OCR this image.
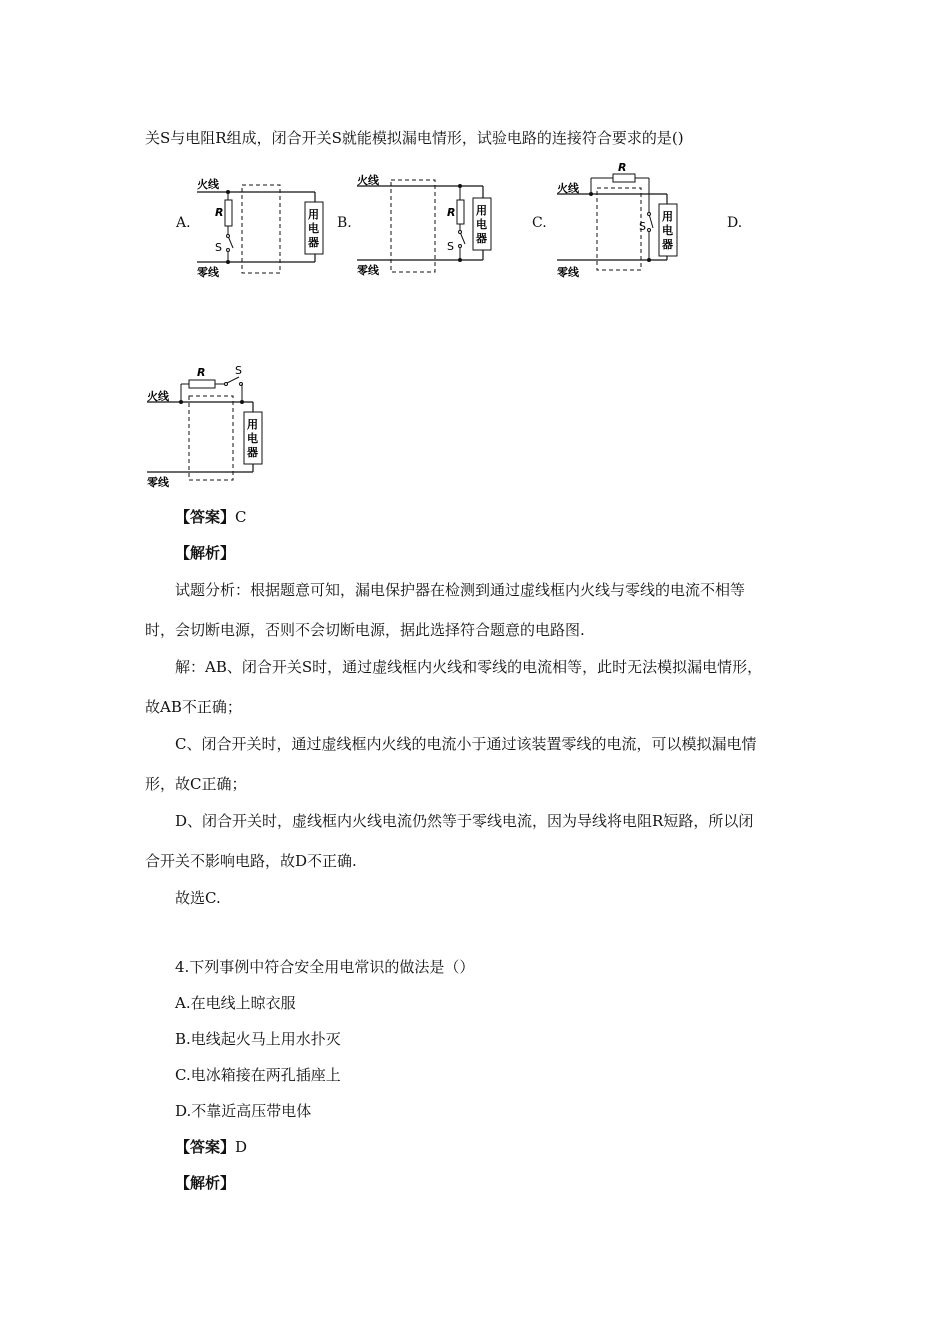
关S与电阻R组成，闭合开关S就能模拟漏电情形，试验电路的连接符合要求的是()
A.	B.	C.	D.
火线
零线
R
S
用
电
器
火线
零线
R
S
用
电
器
火线
零线
R
S
用
电
器
火线
零线
R	S
用
电
器
【答案】C
【解析】
试题分析：根据题意可知，漏电保护器在检测到通过虚线框内火线与零线的电流不相等
时，会切断电源，否则不会切断电源，据此选择符合题意的电路图.
解：AB、闭合开关S时，通过虚线框内火线和零线的电流相等，此时无法模拟漏电情形，
故AB不正确；
C、闭合开关时，通过虚线框内火线的电流小于通过该装置零线的电流，可以模拟漏电情
形，故C正确；
D、闭合开关时，虚线框内火线电流仍然等于零线电流，因为导线将电阻R短路，所以闭
合开关不影响电路，故D不正确.
故选C.
4.下列事例中符合安全用电常识的做法是（）
A.在电线上晾衣服
B.电线起火马上用水扑灭
C.电冰箱接在两孔插座上
D.不靠近高压带电体
【答案】D
【解析】
